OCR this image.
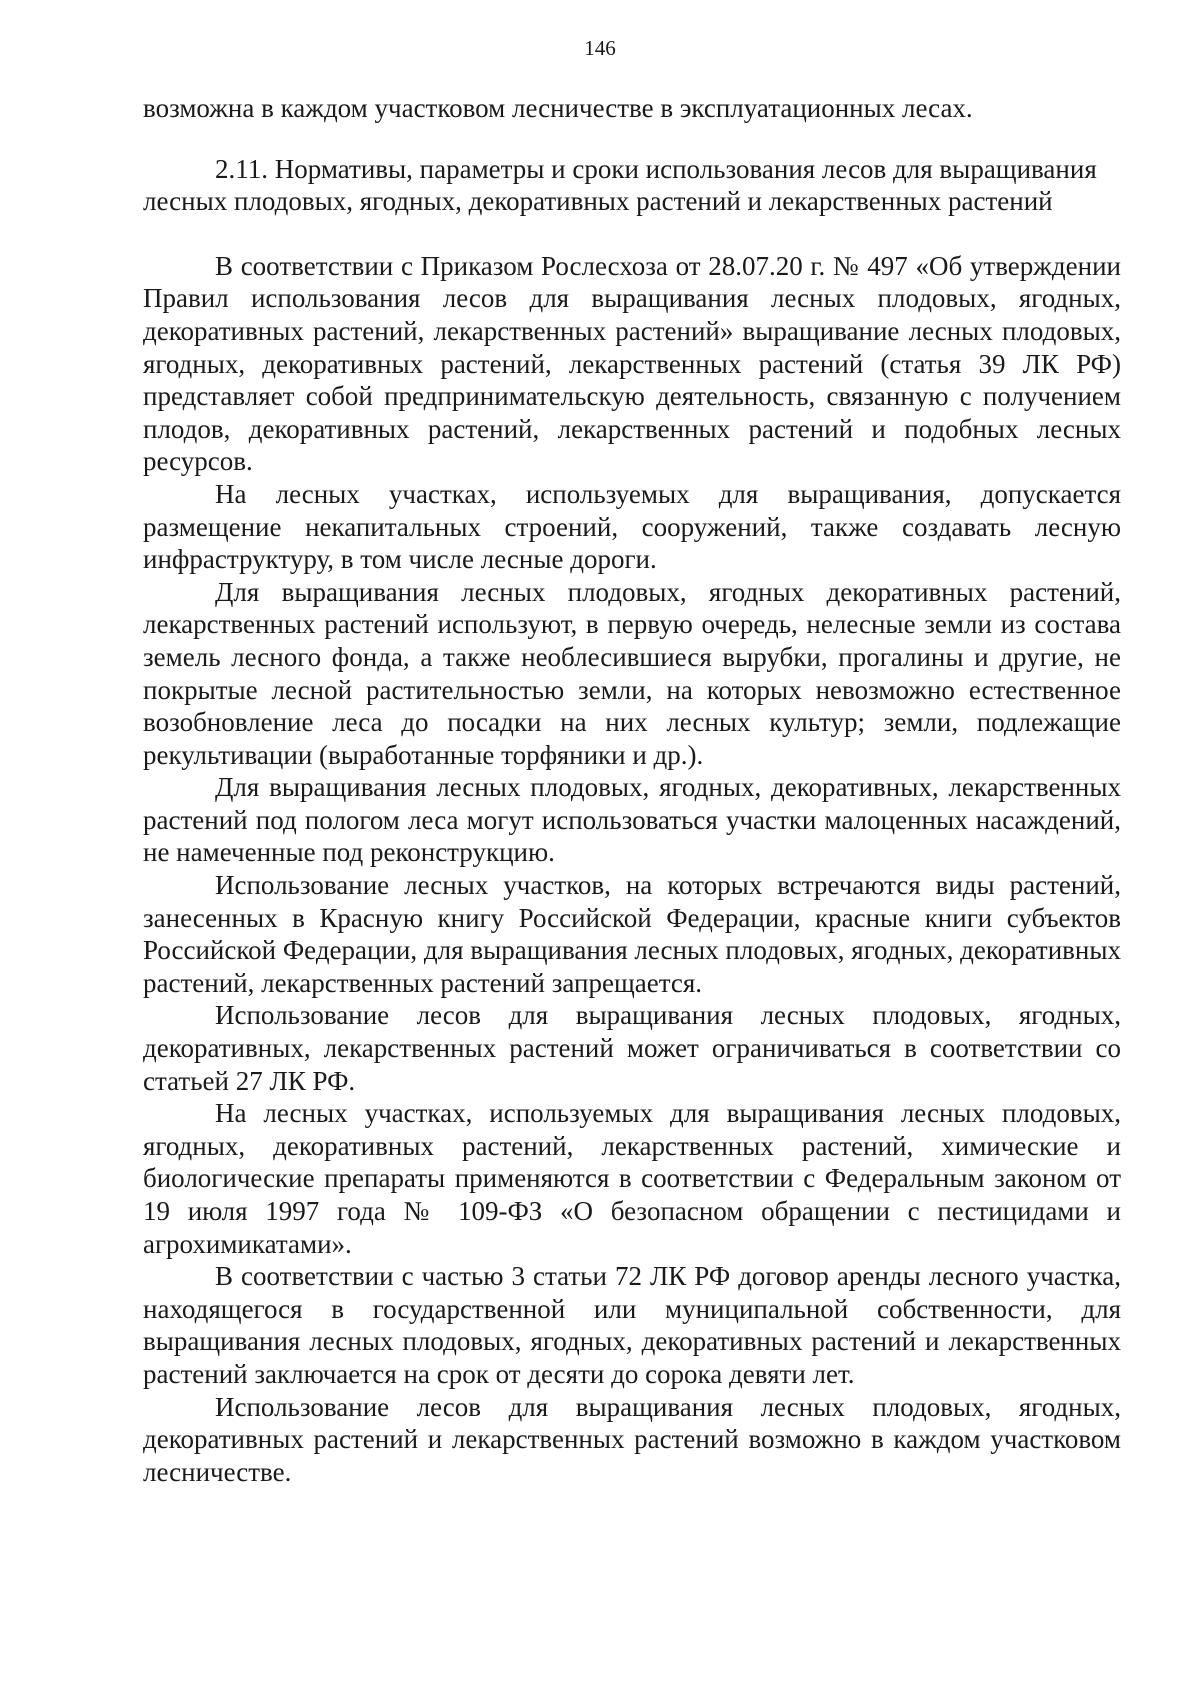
146

возможна в каждом участковом лесничестве в эксплуатационных лесах.

2.11. Нормативы, параметры и сроки использования лесов для выращивания лесных плодовых, ягодных, декоративных растений и лекарственных растений

В соответствии с Приказом Рослесхоза от 28.07.20 г. № 497 «Об утверждении Правил использования лесов для выращивания лесных плодовых, ягодных, декоративных растений, лекарственных растений» выращивание лесных плодовых, ягодных, декоративных растений, лекарственных растений (статья 39 ЛК РФ) представляет собой предпринимательскую деятельность, связанную с получением плодов, декоративных растений, лекарственных растений и подобных лесных ресурсов.

На лесных участках, используемых для выращивания, допускается размещение некапитальных строений, сооружений, также создавать лесную инфраструктуру, в том числе лесные дороги.

Для выращивания лесных плодовых, ягодных декоративных растений, лекарственных растений используют, в первую очередь, нелесные земли из состава земель лесного фонда, а также необлесившиеся вырубки, прогалины и другие, не покрытые лесной растительностью земли, на которых невозможно естественное возобновление леса до посадки на них лесных культур; земли, подлежащие рекультивации (выработанные торфяники и др.).

Для выращивания лесных плодовых, ягодных, декоративных, лекарственных растений под пологом леса могут использоваться участки малоценных насаждений, не намеченные под реконструкцию.

Использование лесных участков, на которых встречаются виды растений, занесенных в Красную книгу Российской Федерации, красные книги субъектов Российской Федерации, для выращивания лесных плодовых, ягодных, декоративных растений, лекарственных растений запрещается.

Использование лесов для выращивания лесных плодовых, ягодных, декоративных, лекарственных растений может ограничиваться в соответствии со статьей 27 ЛК РФ.

На лесных участках, используемых для выращивания лесных плодовых, ягодных, декоративных растений, лекарственных растений, химические и биологические препараты применяются в соответствии с Федеральным законом от 19 июля 1997 года № 109-ФЗ «О безопасном обращении с пестицидами и агрохимикатами».

В соответствии с частью 3 статьи 72 ЛК РФ договор аренды лесного участка, находящегося в государственной или муниципальной собственности, для выращивания лесных плодовых, ягодных, декоративных растений и лекарственных растений заключается на срок от десяти до сорока девяти лет.

Использование лесов для выращивания лесных плодовых, ягодных, декоративных растений и лекарственных растений возможно в каждом участковом лесничестве.
